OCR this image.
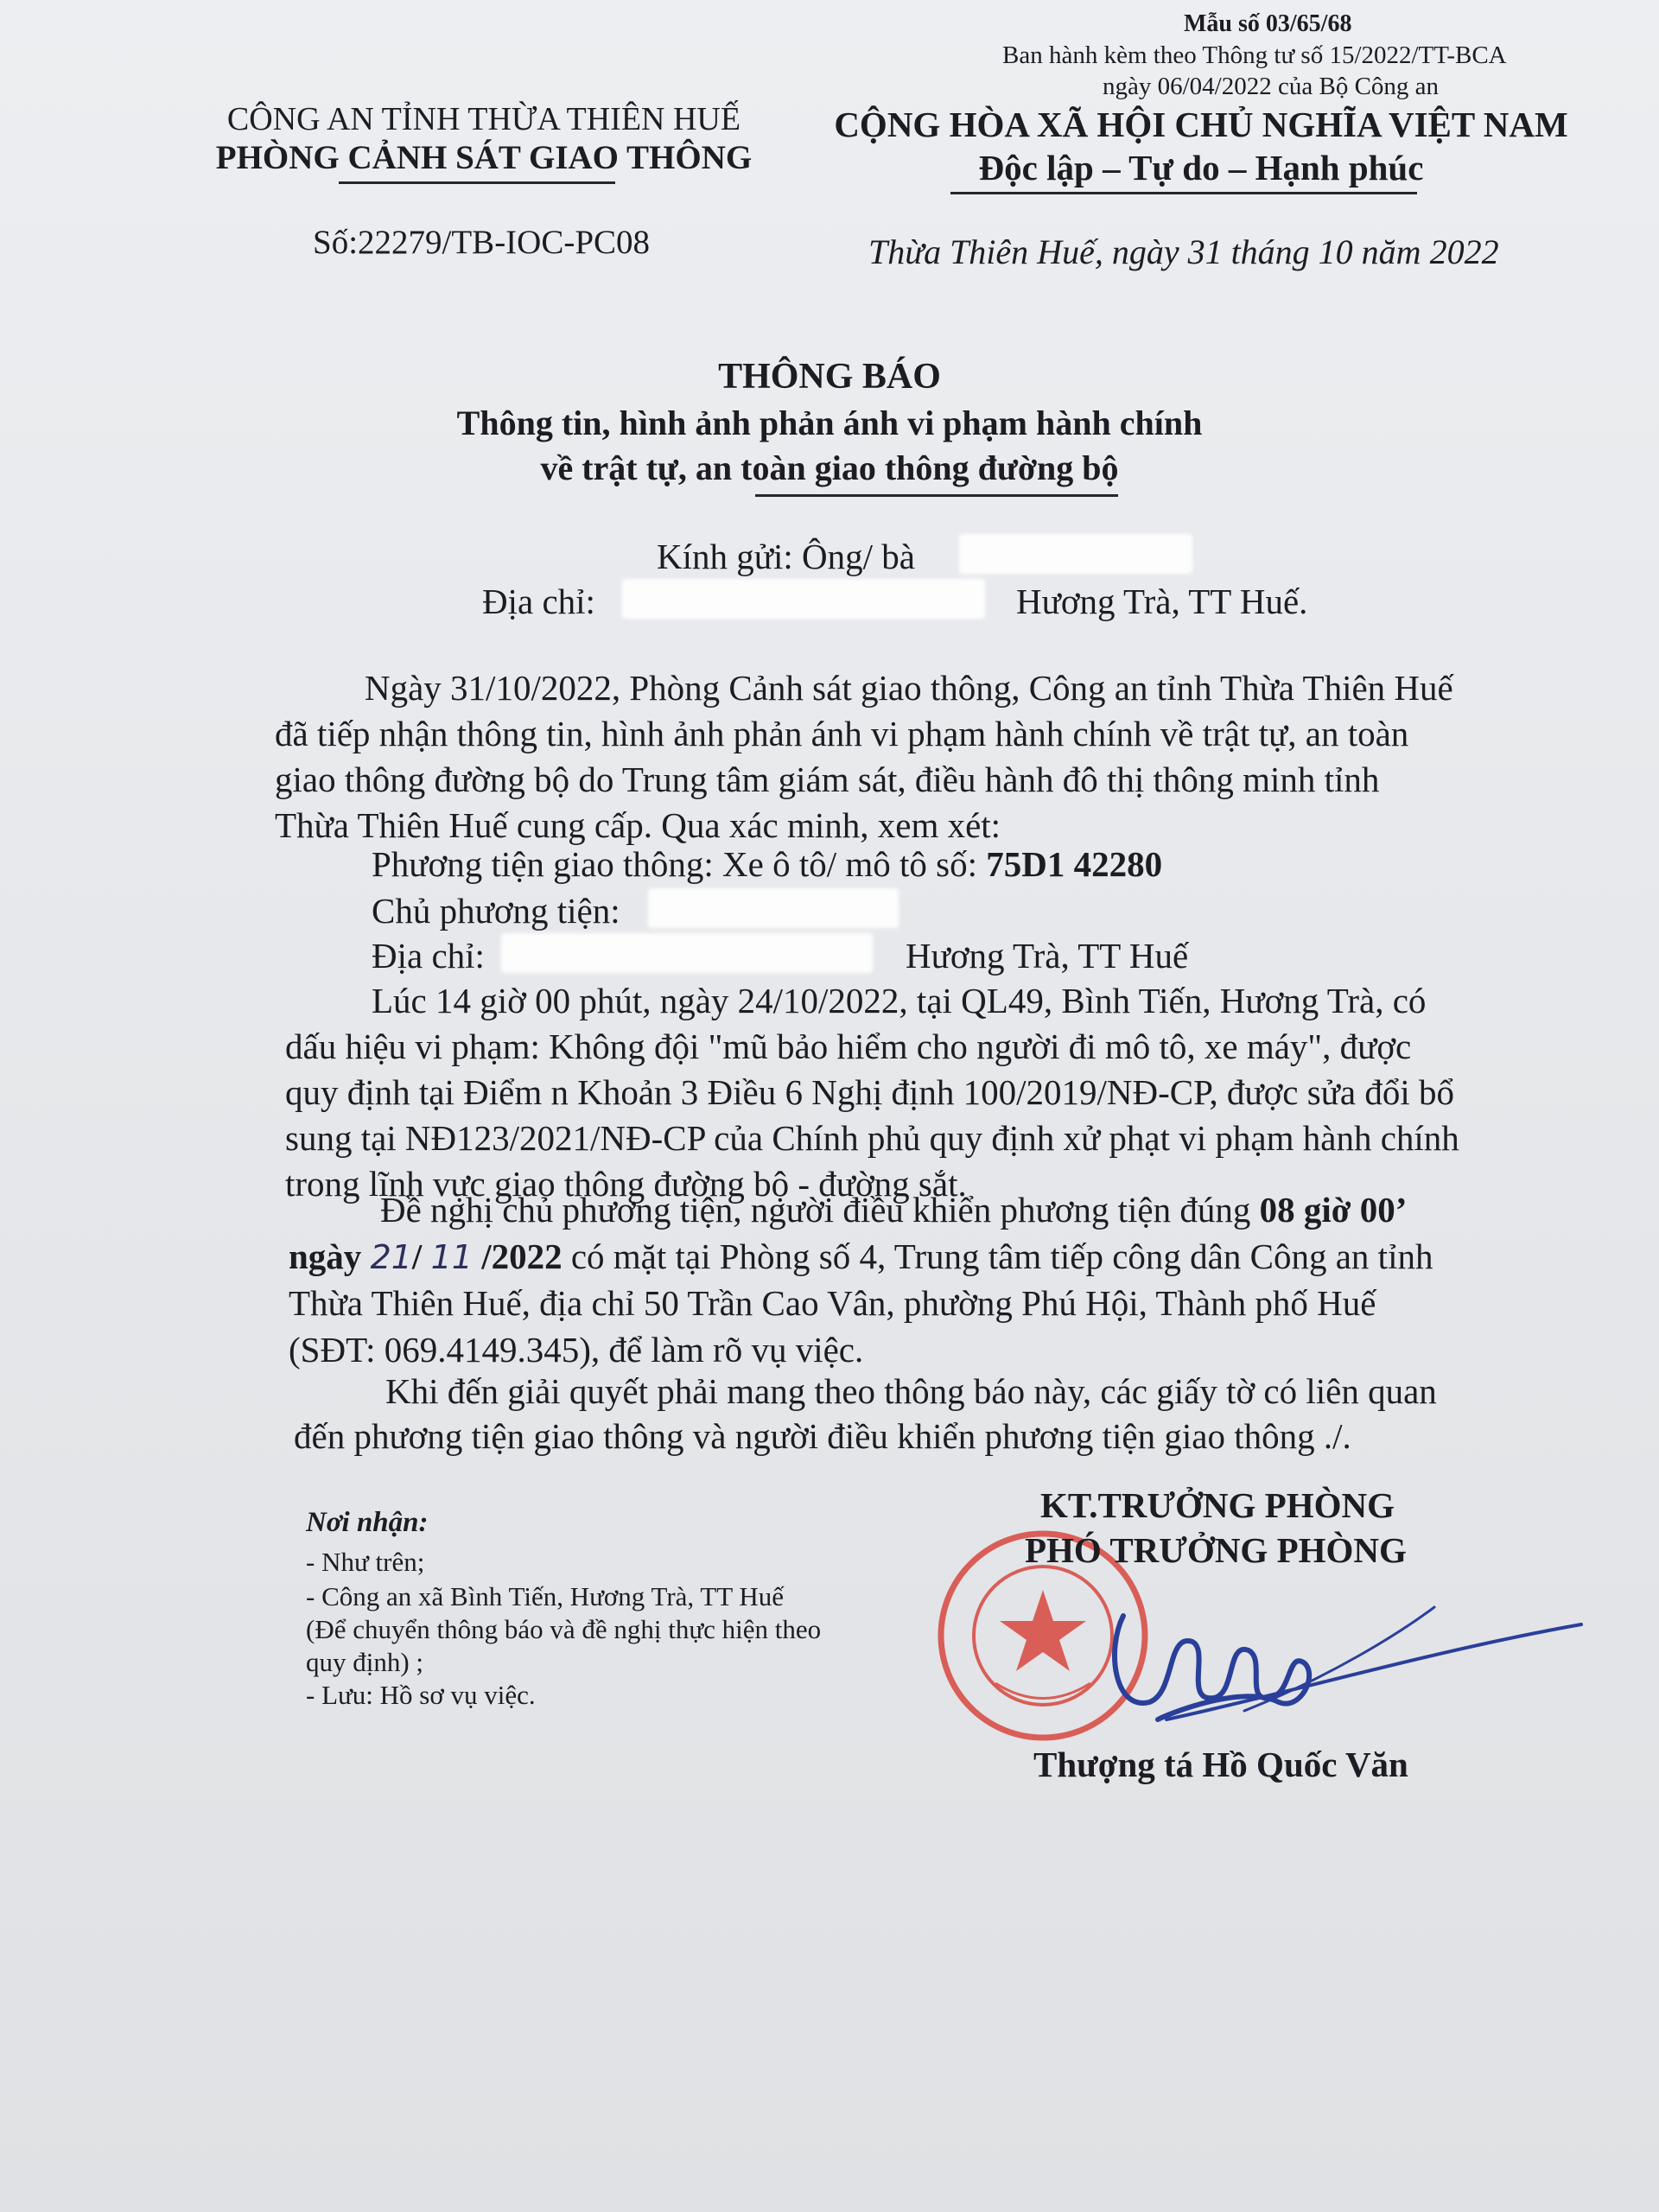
Mẫu số 03/65/68
Ban hành kèm theo Thông tư số 15/2022/TT-BCA
ngày 06/04/2022 của Bộ Công an
CÔNG AN TỈNH THỪA THIÊN HUẾ
PHÒNG CẢNH SÁT GIAO THÔNG
Số:22279/TB-IOC-PC08
CỘNG HÒA XÃ HỘI CHỦ NGHĨA VIỆT NAM
Độc lập – Tự do – Hạnh phúc
Thừa Thiên Huế, ngày 31 tháng 10 năm 2022
THÔNG BÁO
Thông tin, hình ảnh phản ánh vi phạm hành chính
về trật tự, an toàn giao thông đường bộ
Kính gửi: Ông/ bà
Địa chỉ:	Hương Trà, TT Huế.
Ngày 31/10/2022, Phòng Cảnh sát giao thông, Công an tỉnh Thừa Thiên Huế
đã tiếp nhận thông tin, hình ảnh phản ánh vi phạm hành chính về trật tự, an toàn
giao thông đường bộ do Trung tâm giám sát, điều hành đô thị thông minh tỉnh
Thừa Thiên Huế cung cấp. Qua xác minh, xem xét:
Phương tiện giao thông: Xe ô tô/ mô tô số: 75D1 42280
Chủ phương tiện:
Địa chỉ:	Hương Trà, TT Huế
Lúc 14 giờ 00 phút, ngày 24/10/2022, tại QL49, Bình Tiến, Hương Trà, có
dấu hiệu vi phạm: Không đội "mũ bảo hiểm cho người đi mô tô, xe máy", được
quy định tại Điểm n Khoản 3 Điều 6 Nghị định 100/2019/NĐ-CP, được sửa đổi bổ
sung tại NĐ123/2021/NĐ-CP của Chính phủ quy định xử phạt vi phạm hành chính
trong lĩnh vực giao thông đường bộ - đường sắt.
Đề nghị chủ phương tiện, người điều khiển phương tiện đúng 08 giờ 00’
ngày 21/ 11 /2022 có mặt tại Phòng số 4, Trung tâm tiếp công dân Công an tỉnh
Thừa Thiên Huế, địa chỉ 50 Trần Cao Vân, phường Phú Hội, Thành phố Huế
(SĐT: 069.4149.345), để làm rõ vụ việc.
Khi đến giải quyết phải mang theo thông báo này, các giấy tờ có liên quan
đến phương tiện giao thông và người điều khiển phương tiện giao thông ./.
Nơi nhận:
- Như trên;
- Công an xã Bình Tiến, Hương Trà, TT Huế
(Để chuyển thông báo và đề nghị thực hiện theo
quy định) ;
- Lưu: Hồ sơ vụ việc.
KT.TRƯỞNG PHÒNG
PHÓ TRƯỞNG PHÒNG
Thượng tá Hồ Quốc Văn
